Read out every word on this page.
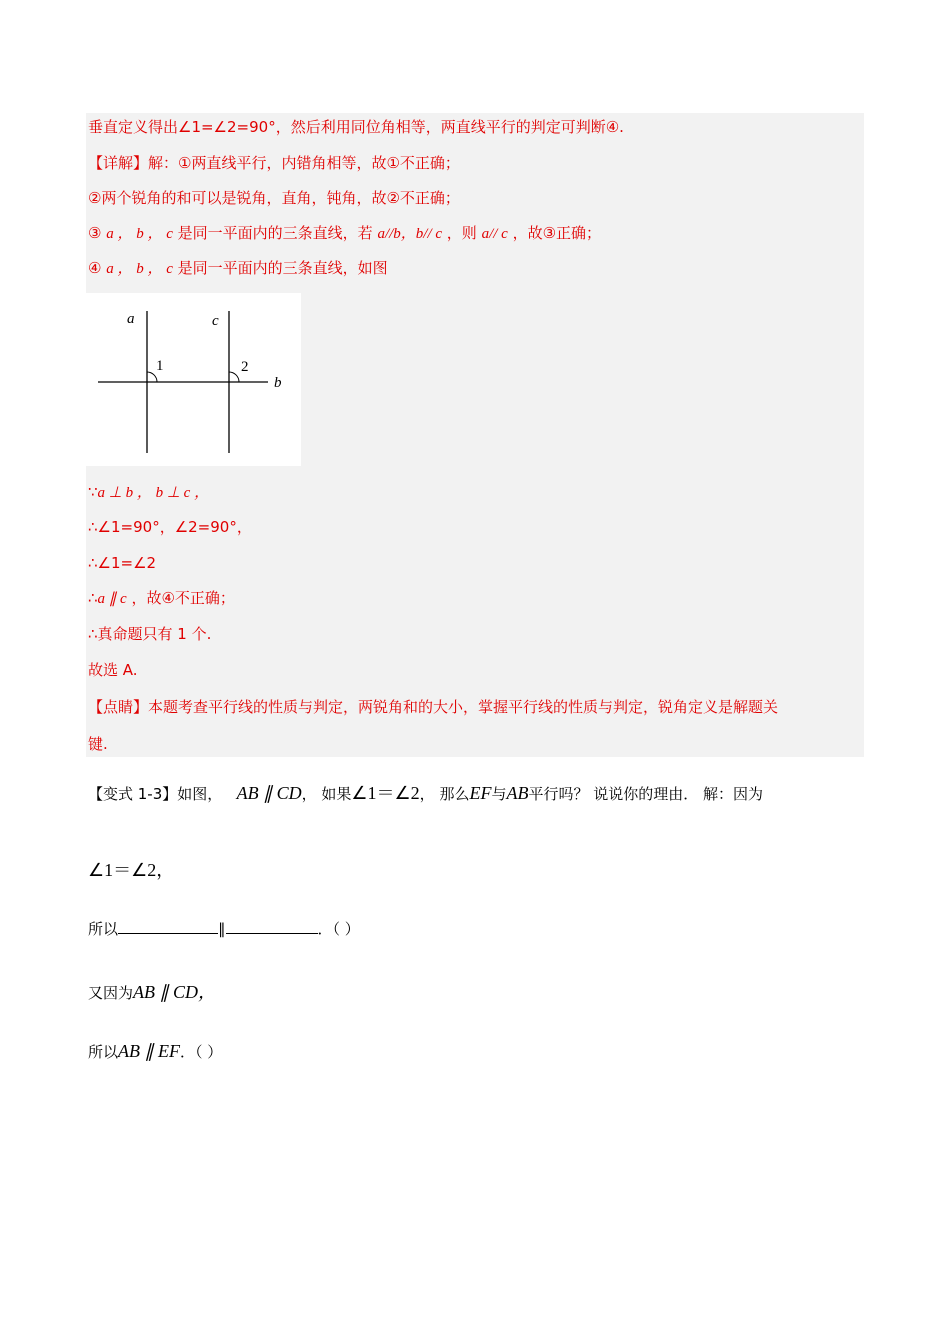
垂直定义得出∠1=∠2=90°，然后利用同位角相等，两直线平行的判定可判断④.
【详解】解：①两直线平行，内错角相等，故①不正确；
②两个锐角的和可以是锐角，直角，钝角，故②不正确；
③ a ， b ， c 是同一平面内的三条直线，若 a//b，b// c ，则 a// c ，故③正确；
④ a ， b ， c 是同一平面内的三条直线，如图
a	c
b
1	2
∵a ⊥ b ， b ⊥ c ，
∴∠1=90°，∠2=90°，
∴∠1=∠2
∴a ∥ c ，故④不正确；
∴真命题只有 1 个.
故选 A.
【点睛】本题考查平行线的性质与判定，两锐角和的大小，掌握平行线的性质与判定，锐角定义是解题关
键.
【变式 1-3】如图， AB ∥ CD， 如果∠1＝∠2， 那么EF与AB平行吗？ 说说你的理由． 解：因为
∠1＝∠2，
所以	∥	．（ ）
又因为AB ∥ CD，
所以AB ∥ EF．（ ）
